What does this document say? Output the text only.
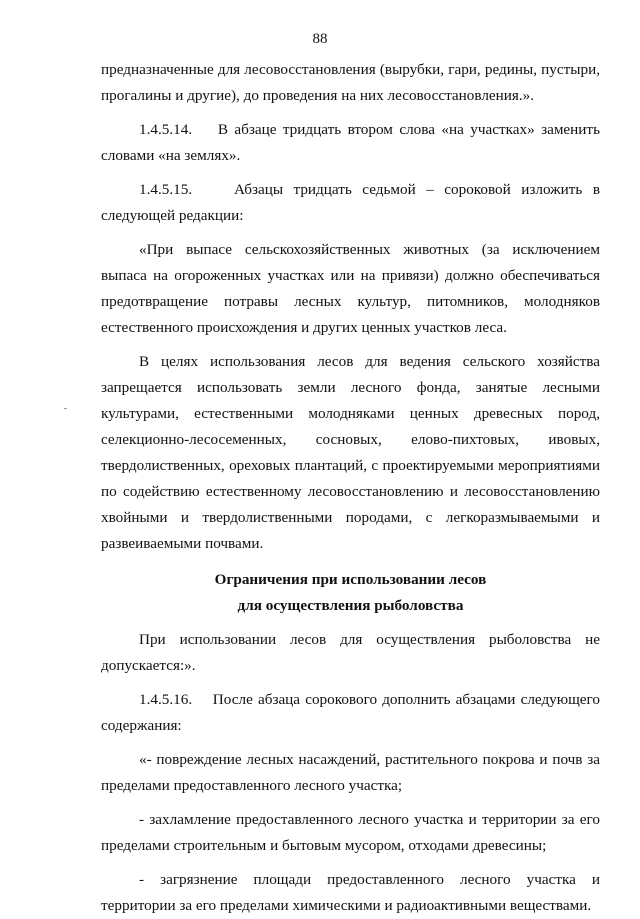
88
предназначенные для лесовосстановления (вырубки, гари, редины, пустыри,
прогалины и другие), до проведения на них лесовосстановления.».
1.4.5.14.    В абзаце тридцать втором слова «на участках» заменить
словами «на землях».
1.4.5.15.    Абзацы тридцать седьмой – сороковой изложить в
следующей редакции:
«При выпасе сельскохозяйственных животных (за исключением
выпаса на огороженных участках или на привязи) должно обеспечиваться
предотвращение потравы лесных культур, питомников, молодняков
естественного происхождения и других ценных участков леса.
В целях использования лесов для ведения сельского хозяйства
запрещается использовать земли лесного фонда, занятые лесными
культурами, естественными молодняками ценных древесных пород,
селекционно-лесосеменных, сосновых, елово-пихтовых, ивовых,
твердолиственных, ореховых плантаций, с проектируемыми мероприятиями
по содействию естественному лесовосстановлению и лесовосстановлению
хвойными и твердолиственными породами, с легкоразмываемыми и
развеиваемыми почвами.
Ограничения при использовании лесов
для осуществления рыболовства
При использовании лесов для осуществления рыболовства не
допускается:».
1.4.5.16.    После абзаца сорокового дополнить абзацами следующего
содержания:
«- повреждение лесных насаждений, растительного покрова и почв за
пределами предоставленного лесного участка;
- захламление предоставленного лесного участка и территории за его
пределами строительным и бытовым мусором, отходами древесины;
- загрязнение площади предоставленного лесного участка и
территории за его пределами химическими и радиоактивными веществами.
